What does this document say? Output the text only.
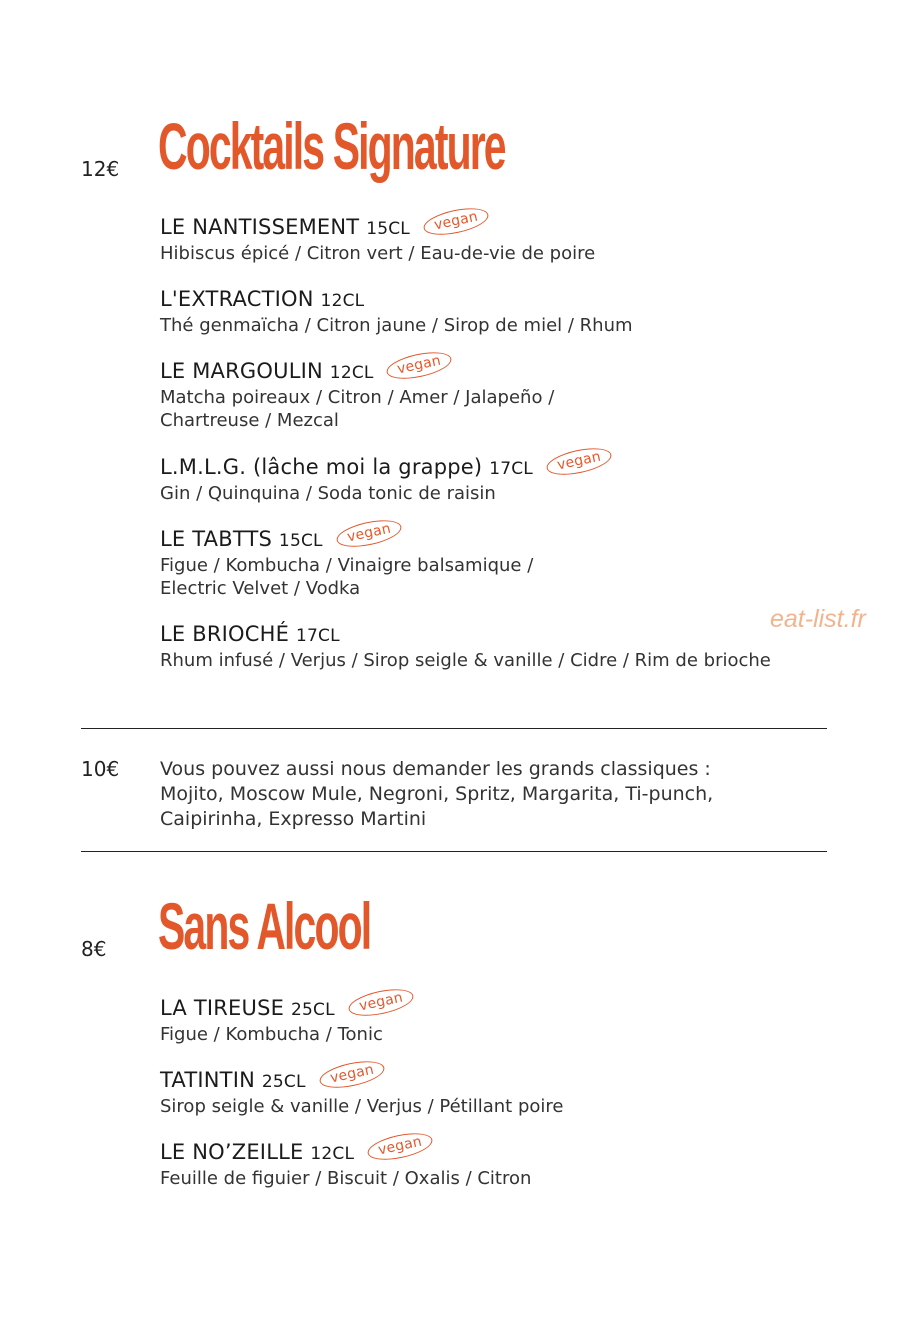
12€ Cocktails Signature
LE NANTISSEMENT 15CL vegan
Hibiscus épicé / Citron vert / Eau-de-vie de poire
L'EXTRACTION 12CL
Thé genmaïcha / Citron jaune / Sirop de miel / Rhum
LE MARGOULIN 12CL vegan
Matcha poireaux / Citron / Amer / Jalapeño /
Chartreuse / Mezcal
L.M.L.G. (lâche moi la grappe) 17CL vegan
Gin / Quinquina / Soda tonic de raisin
LE TABTTS 15CL vegan
Figue / Kombucha / Vinaigre balsamique /
Electric Velvet / Vodka
LE BRIOCHÉ 17CL
Rhum infusé / Verjus / Sirop seigle & vanille / Cidre / Rim de brioche
eat-list.fr
10€ Vous pouvez aussi nous demander les grands classiques :
Mojito, Moscow Mule, Negroni, Spritz, Margarita, Ti-punch,
Caipirinha, Expresso Martini
8€ Sans Alcool
LA TIREUSE 25CL vegan
Figue / Kombucha / Tonic
TATINTIN 25CL vegan
Sirop seigle & vanille / Verjus / Pétillant poire
LE NO’ZEILLE 12CL vegan
Feuille de figuier / Biscuit / Oxalis / Citron
